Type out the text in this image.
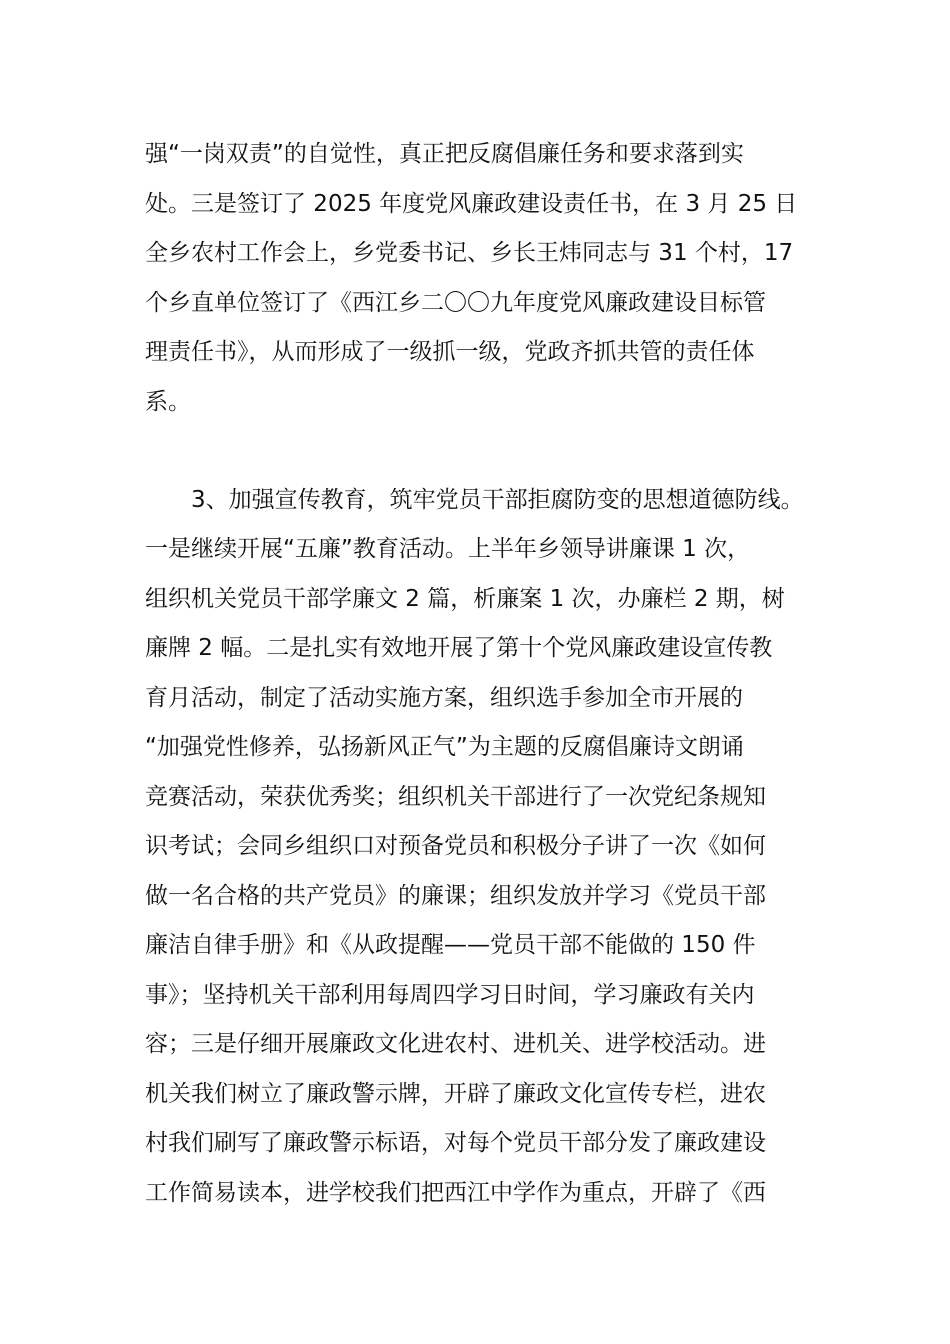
强“一岗双责”的自觉性，真正把反腐倡廉任务和要求落到实
处。三是签订了 2025 年度党风廉政建设责任书，在 3 月 25 日
全乡农村工作会上，乡党委书记、乡长王炜同志与 31 个村，17
个乡直单位签订了《西江乡二〇〇九年度党风廉政建设目标管
理责任书》，从而形成了一级抓一级，党政齐抓共管的责任体
系。
3、加强宣传教育，筑牢党员干部拒腐防变的思想道德防线。
一是继续开展“五廉”教育活动。上半年乡领导讲廉课 1 次，
组织机关党员干部学廉文 2 篇，析廉案 1 次，办廉栏 2 期，树
廉牌 2 幅。二是扎实有效地开展了第十个党风廉政建设宣传教
育月活动，制定了活动实施方案，组织选手参加全市开展的
“加强党性修养，弘扬新风正气”为主题的反腐倡廉诗文朗诵
竞赛活动，荣获优秀奖；组织机关干部进行了一次党纪条规知
识考试；会同乡组织口对预备党员和积极分子讲了一次《如何
做一名合格的共产党员》的廉课；组织发放并学习《党员干部
廉洁自律手册》和《从政提醒——党员干部不能做的 150 件
事》；坚持机关干部利用每周四学习日时间，学习廉政有关内
容；三是仔细开展廉政文化进农村、进机关、进学校活动。进
机关我们树立了廉政警示牌，开辟了廉政文化宣传专栏，进农
村我们刷写了廉政警示标语，对每个党员干部分发了廉政建设
工作简易读本，进学校我们把西江中学作为重点，开辟了《西
